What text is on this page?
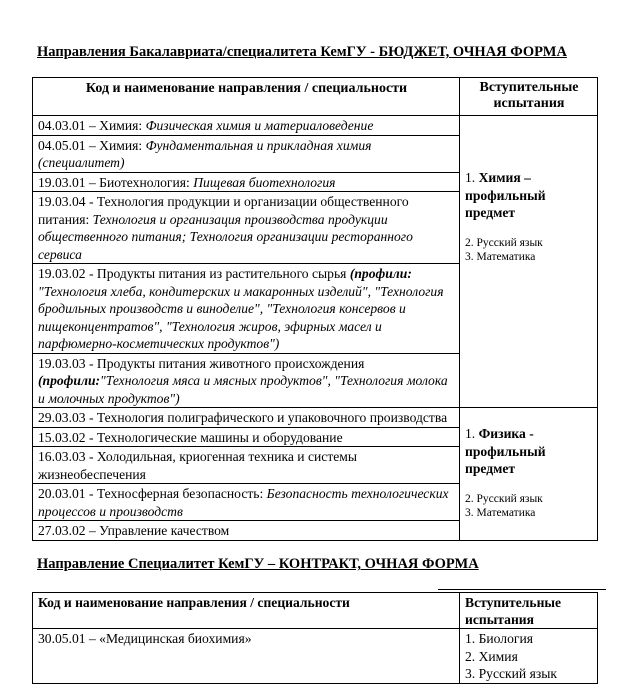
Направления Бакалавриата/специалитета КемГУ - БЮДЖЕТ, ОЧНАЯ ФОРМА
Код и наименование направления / специальности	Вступительные испытания
04.03.01 – Химия: Физическая химия и материаловедение	1. Химия – профильный предмет
2. Русский язык
3. Математика

04.05.01 – Химия: Фундаментальная и прикладная химия (специалитет)	
19.03.01 – Биотехнология: Пищевая биотехнология	
19.03.04 - Технология продукции и организации общественного питания: Технология и организация производства продукции общественного питания; Технология организации ресторанного сервиса	
19.03.02 - Продукты питания из растительного сырья (профили: "Технология хлеба, кондитерских и макаронных изделий", "Технология бродильных производств и виноделие", "Технология консервов и пищеконцентратов", "Технология жиров, эфирных масел и парфюмерно-косметических продуктов")	
19.03.03 - Продукты питания животного происхождения (профили:"Технология мяса и мясных продуктов", "Технология молока и молочных продуктов")	
29.03.03 - Технология полиграфического и упаковочного производства	1. Физика - профильный предмет
2. Русский язык
3. Математика

15.03.02 - Технологические машины и оборудование	
16.03.03 - Холодильная, криогенная техника и системы жизнеобеспечения	
20.03.01 - Техносферная безопасность: Безопасность технологических процессов и производств	
27.03.02 – Управление качеством	
Направление Специалитет КемГУ – КОНТРАКТ, ОЧНАЯ ФОРМА
Код и наименование направления / специальности	Вступительные испытания
30.05.01 – «Медицинская биохимия»	1. Биология
2. Химия
3. Русский язык
